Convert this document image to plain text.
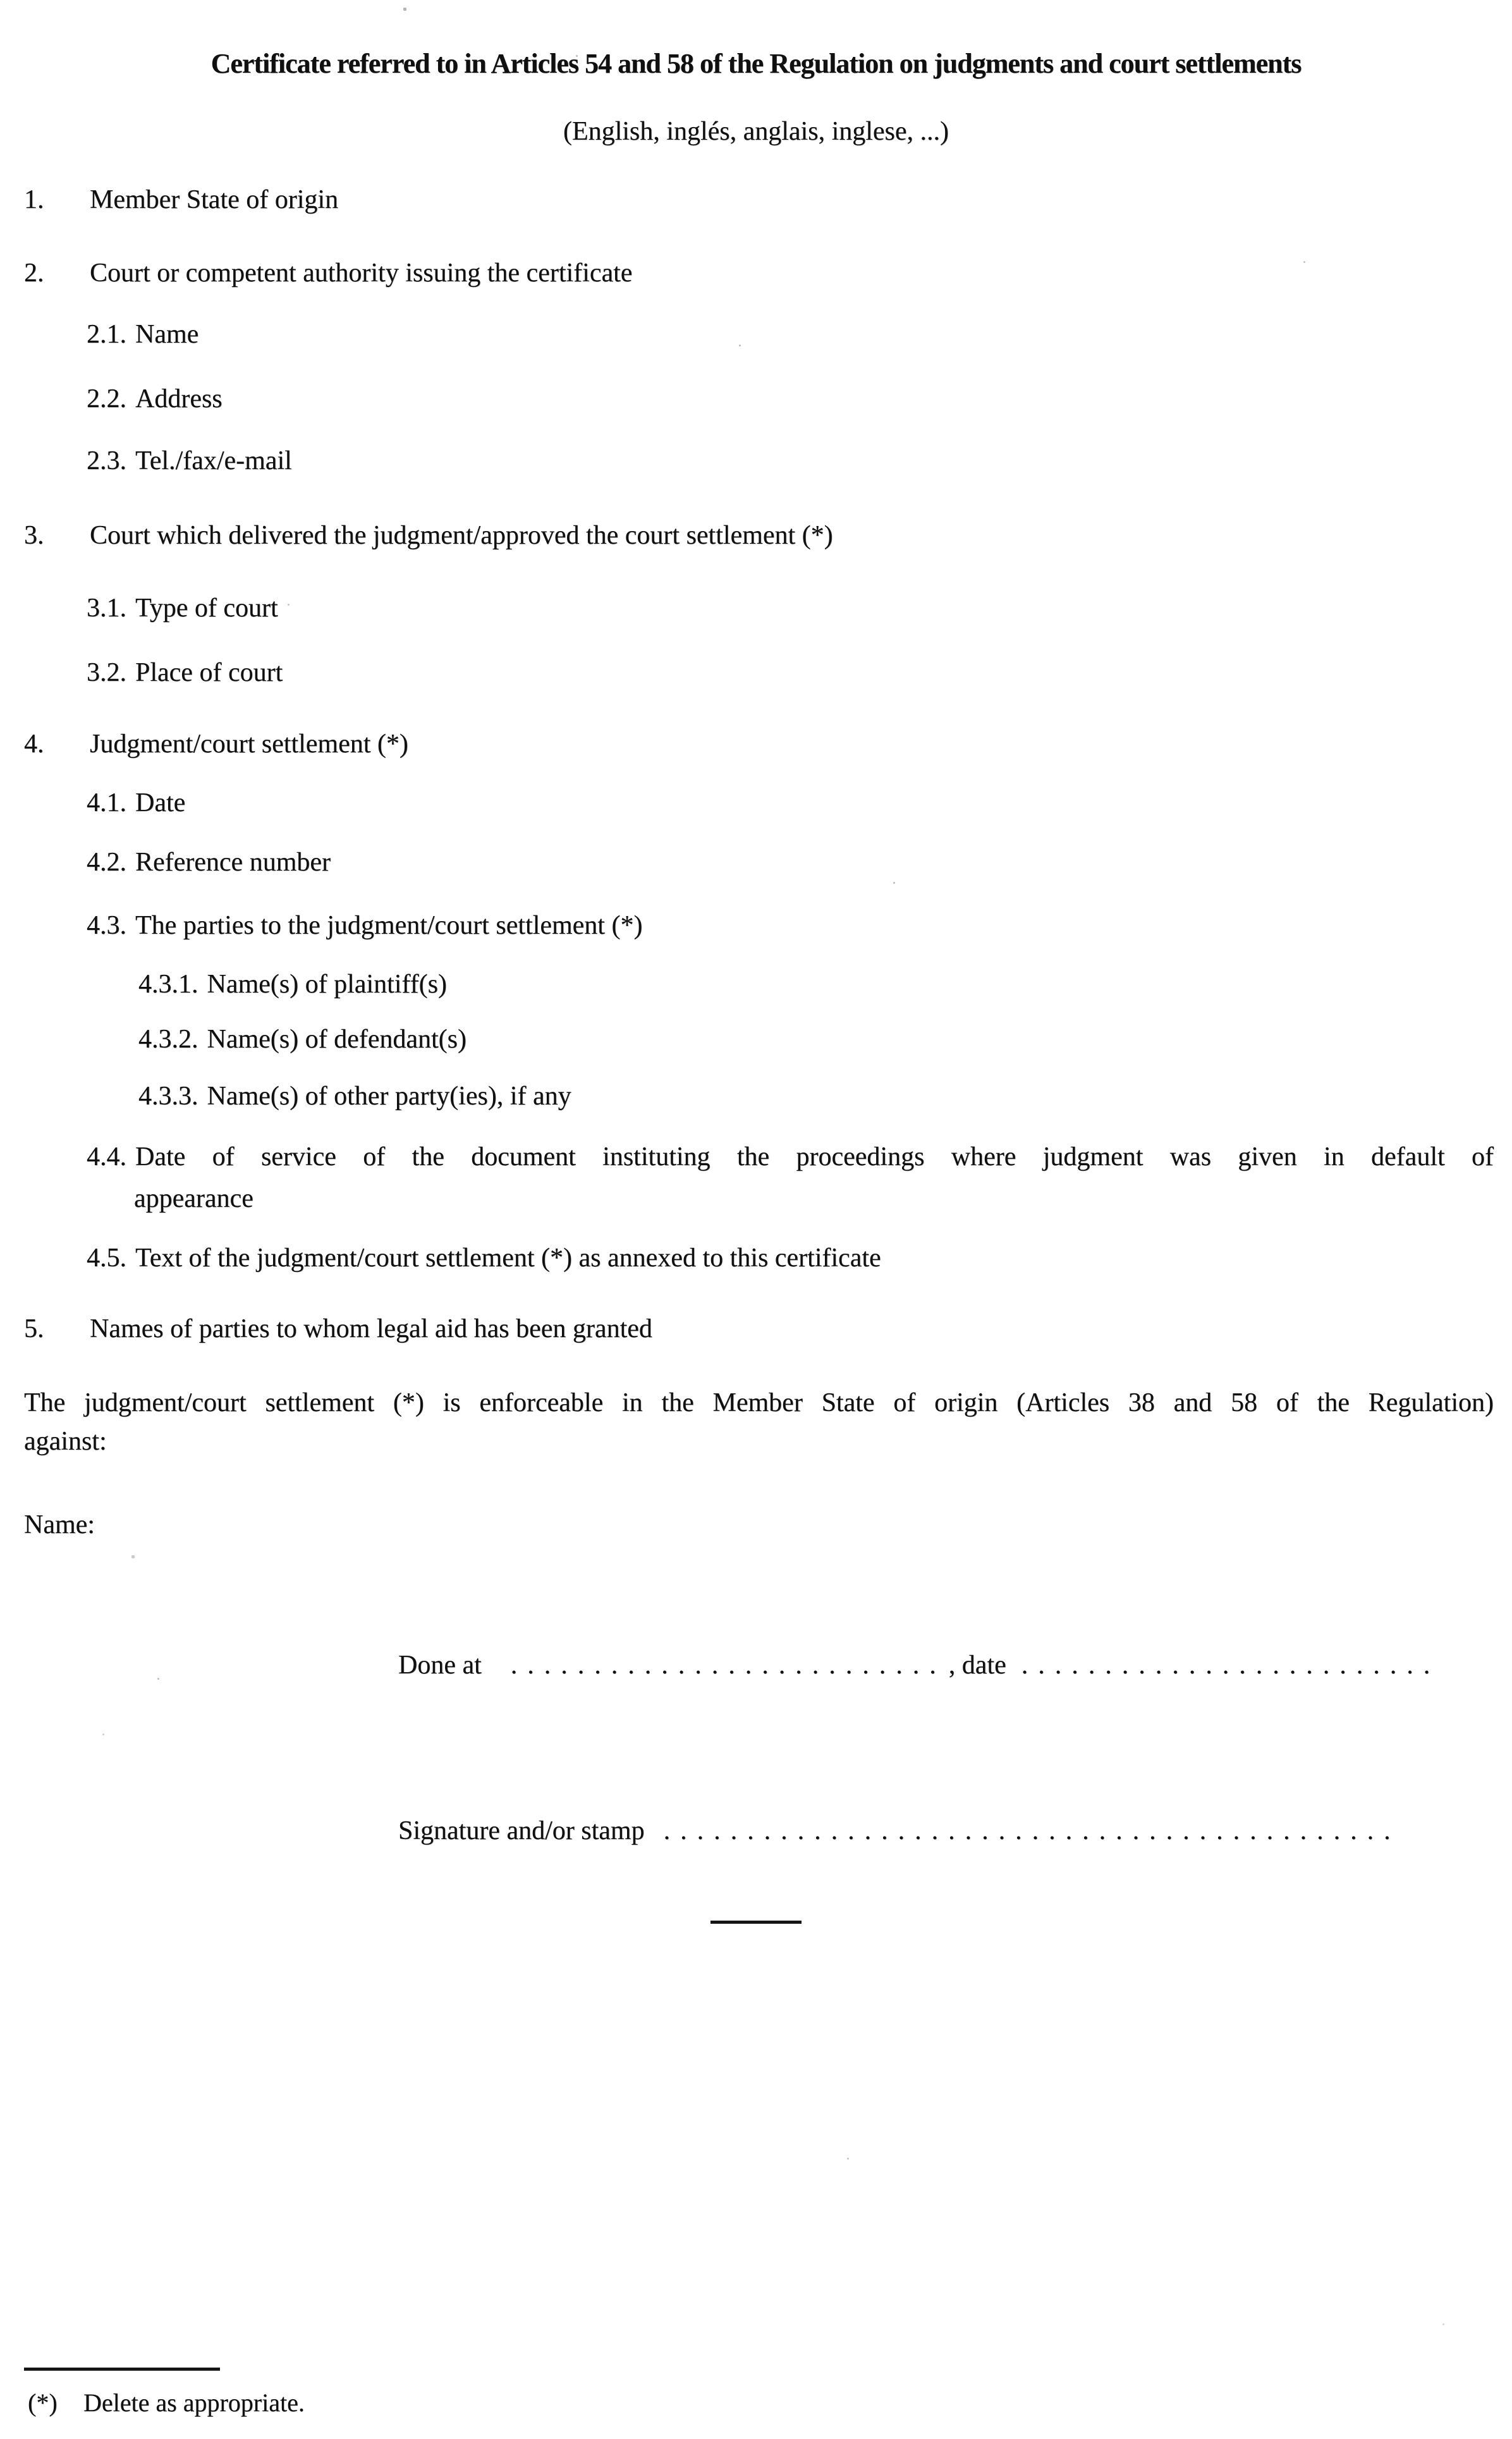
Certificate referred to in Articles 54 and 58 of the Regulation on judgments and court settlements
(English, inglés, anglais, inglese, ...)
1. Member State of origin
2. Court or competent authority issuing the certificate
2.1. Name
2.2. Address
2.3. Tel./fax/e-mail
3. Court which delivered the judgment/approved the court settlement (*)
3.1. Type of court
3.2. Place of court
4. Judgment/court settlement (*)
4.1. Date
4.2. Reference number
4.3. The parties to the judgment/court settlement (*)
4.3.1. Name(s) of plaintiff(s)
4.3.2. Name(s) of defendant(s)
4.3.3. Name(s) of other party(ies), if any
4.4. Date of service of the document instituting the proceedings where judgment was given in default of
appearance
4.5. Text of the judgment/court settlement (*) as annexed to this certificate
5. Names of parties to whom legal aid has been granted
The judgment/court settlement (*) is enforceable in the Member State of origin (Articles 38 and 58 of the Regulation)
against:
Name:
Done at .........................., date .........................
Signature and/or stamp ............................................
(*) Delete as appropriate.
